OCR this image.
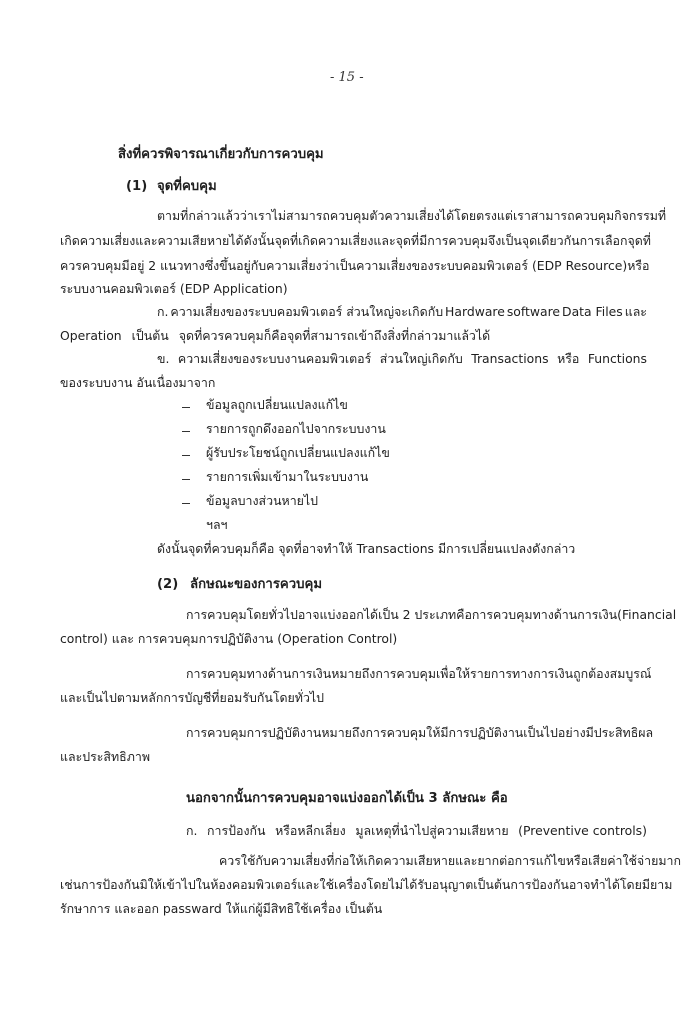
- 15 -
สิ่งที่ควรพิจารณาเกี่ยวกับการควบคุม
(1) จุดที่คบคุม
ตามที่กล่าวแล้วว่าเราไม่สามารถควบคุมตัวความเสี่ยงได้โดยตรง แต่เราสามารถควบคุมกิจกรรมที่
เกิดความเสี่ยงและความเสียหายได้ ดังนั้นจุดที่เกิดความเสี่ยงและจุดที่มีการควบคุมจึงเป็นจุดเดียวกัน การเลือกจุดที่
ควรควบคุมมีอยู่ 2 แนวทาง ซึ่งขึ้นอยู่กับความเสี่ยงว่าเป็นความเสี่ยงของระบบคอมพิวเตอร์ (EDP Resource) หรือ
ระบบงานคอมพิวเตอร์ (EDP Application)
ก. ความเสี่ยงของระบบคอมพิวเตอร์ ส่วนใหญ่จะเกิดกับ Hardware software Data Files และ
Operation เป็นต้น จุดที่ควรควบคุมก็คือจุดที่สามารถเข้าถึงสิ่งที่กล่าวมาแล้วได้
ข. ความเสี่ยงของระบบงานคอมพิวเตอร์ ส่วนใหญ่เกิดกับ Transactions หรือ Functions
ของระบบงาน อันเนื่องมาจาก
ข้อมูลถูกเปลี่ยนแปลงแก้ไข
รายการถูกดึงออกไปจากระบบงาน
ผู้รับประโยชน์ถูกเปลี่ยนแปลงแก้ไข
รายการเพิ่มเข้ามาในระบบงาน
ข้อมูลบางส่วนหายไป
ฯลฯ
ดังนั้นจุดที่ควบคุมก็คือ จุดที่อาจทำให้ Transactions มีการเปลี่ยนแปลงดังกล่าว
(2) ลักษณะของการควบคุม
การควบคุมโดยทั่วไปอาจแบ่งออกได้เป็น 2 ประเภท คือ การควบคุมทางด้านการเงิน (Financial
control) และ การควบคุมการปฏิบัติงาน (Operation Control)
การควบคุมทางด้านการเงิน หมายถึง การควบคุมเพื่อให้รายการทางการเงินถูกต้องสมบูรณ์
และเป็นไปตามหลักการบัญชีที่ยอมรับกันโดยทั่วไป
การควบคุมการปฏิบัติงาน หมายถึง การควบคุมให้มีการปฏิบัติงานเป็นไปอย่างมีประสิทธิผล
และประสิทธิภาพ
นอกจากนั้นการควบคุมอาจแบ่งออกได้เป็น 3 ลักษณะ คือ
ก. การป้องกัน หรือหลีกเลี่ยง มูลเหตุที่นำไปสู่ความเสียหาย (Preventive controls)
ควรใช้กับความเสี่ยงที่ก่อให้เกิดความเสียหายและยากต่อการแก้ไขหรือเสียค่าใช้จ่ายมาก
เช่น การป้องกันมิให้เข้าไปในห้องคอมพิวเตอร์ และใช้เครื่องโดยไม่ได้รับอนุญาต เป็นต้น การป้องกันอาจทำได้โดยมียาม
รักษาการ และออก passward ให้แก่ผู้มีสิทธิใช้เครื่อง เป็นต้น
